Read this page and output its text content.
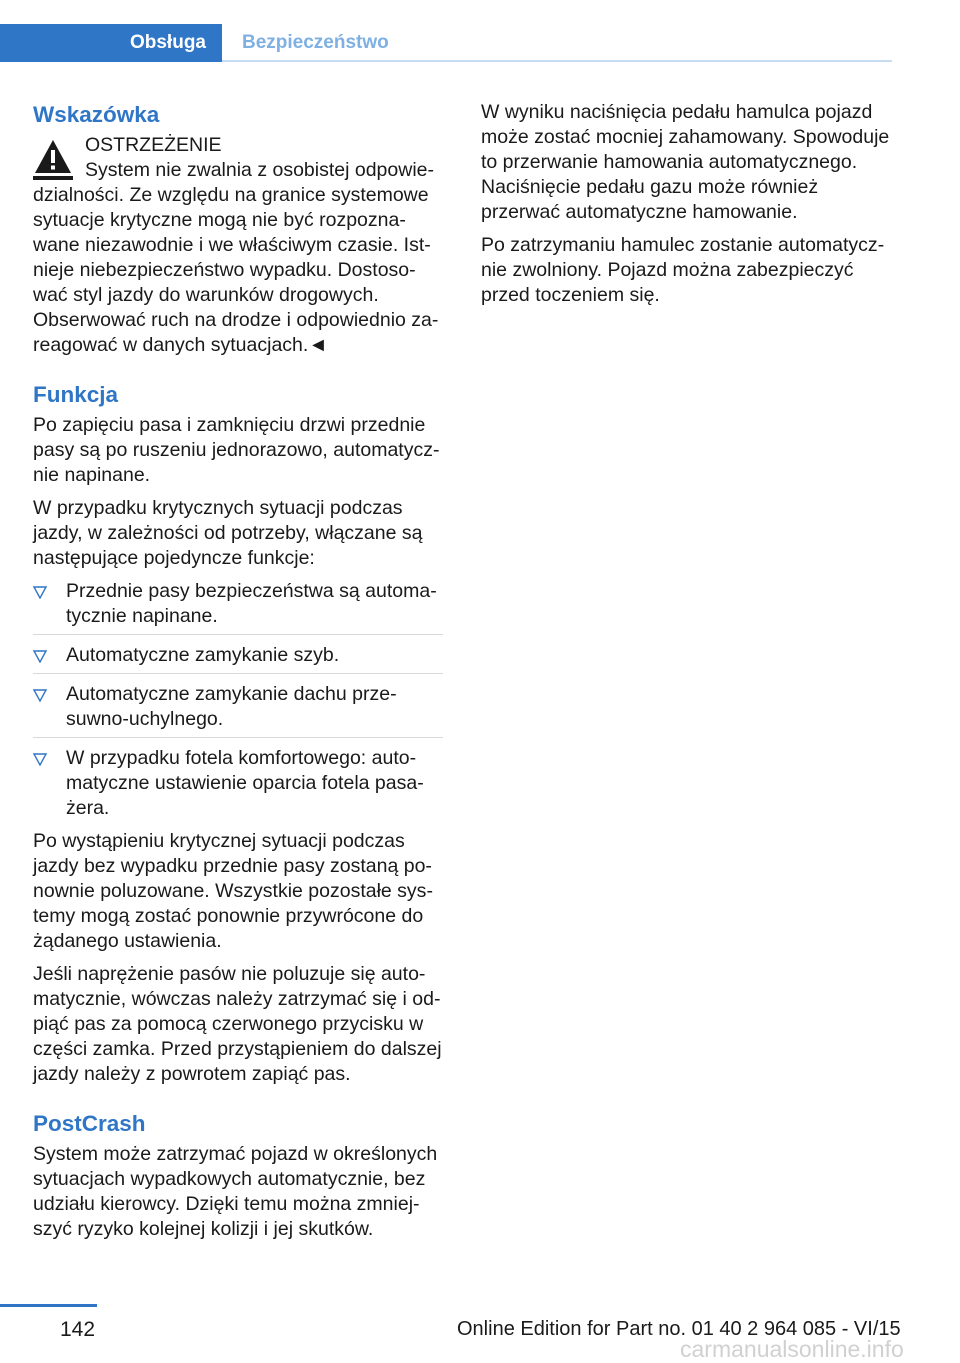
Obsługa Bezpieczeństwo
Wskazówka
OSTRZEŻENIE
System nie zwalnia z osobistej odpowiedzialności. Ze względu na granice systemowe sytuacje krytyczne mogą nie być rozpoznawane niezawodnie i we właściwym czasie. Istnieje niebezpieczeństwo wypadku. Dostosować styl jazdy do warunków drogowych. Obserwować ruch na drodze i odpowiednio zareagować w danych sytuacjach.◄
Funkcja

Po zapięciu pasa i zamknięciu drzwi przednie pasy są po ruszeniu jednorazowo, automatycznie napinane.

W przypadku krytycznych sytuacji podczas jazdy, w zależności od potrzeby, włączane są następujące pojedyncze funkcje:

Przednie pasy bezpieczeństwa są automatycznie napinane.
Automatyczne zamykanie szyb.
Automatyczne zamykanie dachu przesuwno-uchylnego.
W przypadku fotela komfortowego: automatyczne ustawienie oparcia fotela pasażera.

Po wystąpieniu krytycznej sytuacji podczas jazdy bez wypadku przednie pasy zostaną ponownie poluzowane. Wszystkie pozostałe systemy mogą zostać ponownie przywrócone do żądanego ustawienia.

Jeśli naprężenie pasów nie poluzuje się automatycznie, wówczas należy zatrzymać się i odpiąć pas za pomocą czerwonego przycisku w części zamka. Przed przystąpieniem do dalszej jazdy należy z powrotem zapiąć pas.

PostCrash

System może zatrzymać pojazd w określonych sytuacjach wypadkowych automatycznie, bez udziału kierowcy. Dzięki temu można zmniejszyć ryzyko kolejnej kolizji i jej skutków.

W wyniku naciśnięcia pedału hamulca pojazd może zostać mocniej zahamowany. Spowoduje to przerwanie hamowania automatycznego. Naciśnięcie pedału gazu może również przerwać automatyczne hamowanie.

Po zatrzymaniu hamulec zostanie automatycznie zwolniony. Pojazd można zabezpieczyć przed toczeniem się.

142	Online Edition for Part no. 01 40 2 964 085 - VI/15
carmanualsonline.info
